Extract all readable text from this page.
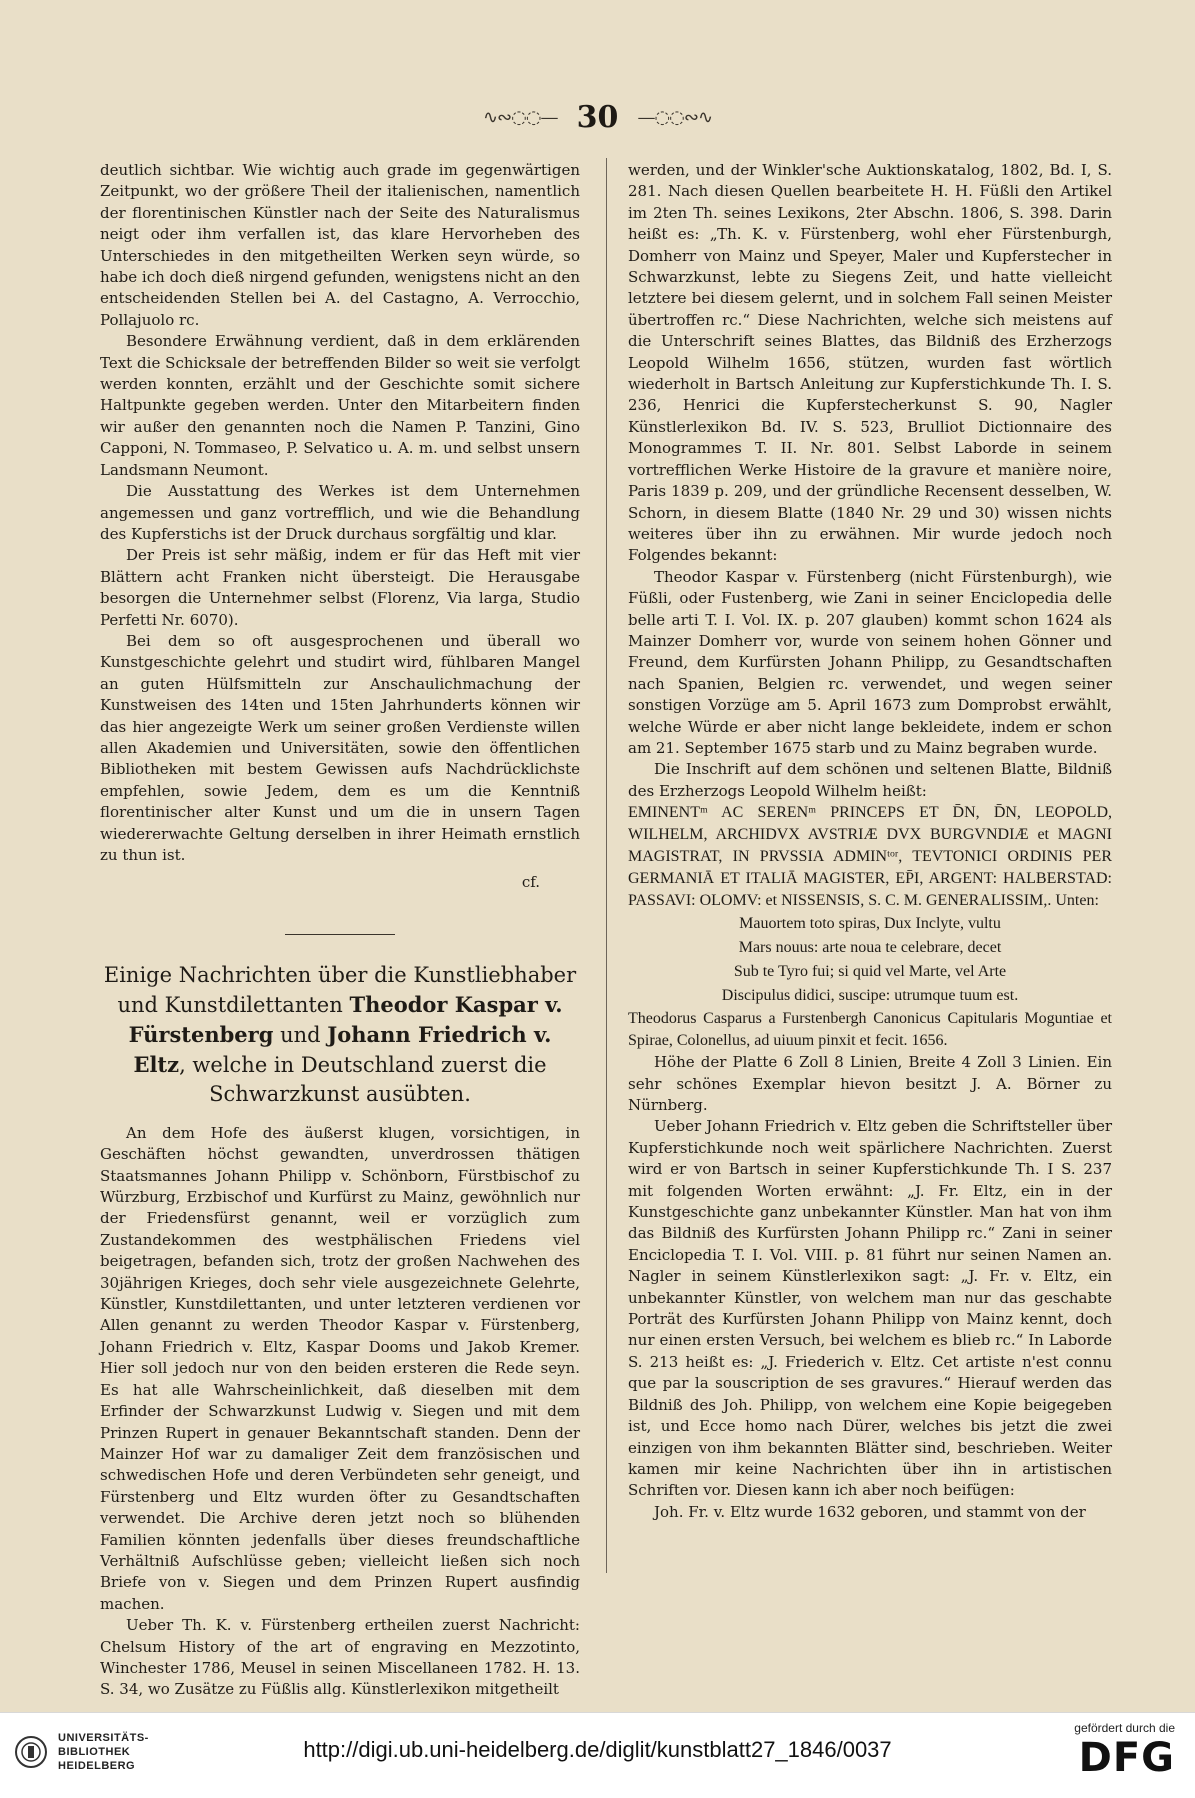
∿∾◌◌— 30 —◌◌∾∿

deutlich sichtbar. Wie wichtig auch grade im gegenwärtigen Zeitpunkt, wo der größere Theil der italienischen, namentlich der florentinischen Künstler nach der Seite des Naturalismus neigt oder ihm verfallen ist, das klare Hervorheben des Unterschiedes in den mitgetheilten Werken seyn würde, so habe ich doch dieß nirgend gefunden, wenigstens nicht an den entscheidenden Stellen bei A. del Castagno, A. Verrocchio, Pollajuolo rc.

Besondere Erwähnung verdient, daß in dem erklärenden Text die Schicksale der betreffenden Bilder so weit sie verfolgt werden konnten, erzählt und der Geschichte somit sichere Haltpunkte gegeben werden. Unter den Mitarbeitern finden wir außer den genannten noch die Namen P. Tanzini, Gino Capponi, N. Tommaseo, P. Selvatico u. A. m. und selbst unsern Landsmann Neumont.

Die Ausstattung des Werkes ist dem Unternehmen angemessen und ganz vortrefflich, und wie die Behandlung des Kupferstichs ist der Druck durchaus sorgfältig und klar.

Der Preis ist sehr mäßig, indem er für das Heft mit vier Blättern acht Franken nicht übersteigt. Die Herausgabe besorgen die Unternehmer selbst (Florenz, Via larga, Studio Perfetti Nr. 6070).

Bei dem so oft ausgesprochenen und überall wo Kunstgeschichte gelehrt und studirt wird, fühlbaren Mangel an guten Hülfsmitteln zur Anschaulichmachung der Kunstweisen des 14ten und 15ten Jahrhunderts können wir das hier angezeigte Werk um seiner großen Verdienste willen allen Akademien und Universitäten, sowie den öffentlichen Bibliotheken mit bestem Gewissen aufs Nachdrücklichste empfehlen, sowie Jedem, dem es um die Kenntniß florentinischer alter Kunst und um die in unsern Tagen wiedererwachte Geltung derselben in ihrer Heimath ernstlich zu thun ist.

cf.
Einige Nachrichten über die Kunstliebhaber und Kunstdilettanten Theodor Kaspar v. Fürstenberg und Johann Friedrich v. Eltz, welche in Deutschland zuerst die Schwarzkunst ausübten.

An dem Hofe des äußerst klugen, vorsichtigen, in Geschäften höchst gewandten, unverdrossen thätigen Staatsmannes Johann Philipp v. Schönborn, Fürstbischof zu Würzburg, Erzbischof und Kurfürst zu Mainz, gewöhnlich nur der Friedensfürst genannt, weil er vorzüglich zum Zustandekommen des westphälischen Friedens viel beigetragen, befanden sich, trotz der großen Nachwehen des 30jährigen Krieges, doch sehr viele ausgezeichnete Gelehrte, Künstler, Kunstdilettanten, und unter letzteren verdienen vor Allen genannt zu werden Theodor Kaspar v. Fürstenberg, Johann Friedrich v. Eltz, Kaspar Dooms und Jakob Kremer. Hier soll jedoch nur von den beiden ersteren die Rede seyn. Es hat alle Wahrscheinlichkeit, daß dieselben mit dem Erfinder der Schwarzkunst Ludwig v. Siegen und mit dem Prinzen Rupert in genauer Bekanntschaft standen. Denn der Mainzer Hof war zu damaliger Zeit dem französischen und schwedischen Hofe und deren Verbündeten sehr geneigt, und Fürstenberg und Eltz wurden öfter zu Gesandtschaften verwendet. Die Archive deren jetzt noch so blühenden Familien könnten jedenfalls über dieses freundschaftliche Verhältniß Aufschlüsse geben; vielleicht ließen sich noch Briefe von v. Siegen und dem Prinzen Rupert ausfindig machen.

Ueber Th. K. v. Fürstenberg ertheilen zuerst Nachricht: Chelsum History of the art of engraving en Mezzotinto, Winchester 1786, Meusel in seinen Miscellaneen 1782. H. 13. S. 34, wo Zusätze zu Füßlis allg. Künstlerlexikon mitgetheilt

werden, und der Winkler'sche Auktionskatalog, 1802, Bd. I, S. 281. Nach diesen Quellen bearbeitete H. H. Füßli den Artikel im 2ten Th. seines Lexikons, 2ter Abschn. 1806, S. 398. Darin heißt es: „Th. K. v. Fürstenberg, wohl eher Fürstenburgh, Domherr von Mainz und Speyer, Maler und Kupferstecher in Schwarzkunst, lebte zu Siegens Zeit, und hatte vielleicht letztere bei diesem gelernt, und in solchem Fall seinen Meister übertroffen rc.“ Diese Nachrichten, welche sich meistens auf die Unterschrift seines Blattes, das Bildniß des Erzherzogs Leopold Wilhelm 1656, stützen, wurden fast wörtlich wiederholt in Bartsch Anleitung zur Kupferstichkunde Th. I. S. 236, Henrici die Kupferstecherkunst S. 90, Nagler Künstlerlexikon Bd. IV. S. 523, Brulliot Dictionnaire des Monogrammes T. II. Nr. 801. Selbst Laborde in seinem vortrefflichen Werke Histoire de la gravure et manière noire, Paris 1839 p. 209, und der gründliche Recensent desselben, W. Schorn, in diesem Blatte (1840 Nr. 29 und 30) wissen nichts weiteres über ihn zu erwähnen. Mir wurde jedoch noch Folgendes bekannt:

Theodor Kaspar v. Fürstenberg (nicht Fürstenburgh), wie Füßli, oder Fustenberg, wie Zani in seiner Enciclopedia delle belle arti T. I. Vol. IX. p. 207 glauben) kommt schon 1624 als Mainzer Domherr vor, wurde von seinem hohen Gönner und Freund, dem Kurfürsten Johann Philipp, zu Gesandtschaften nach Spanien, Belgien rc. verwendet, und wegen seiner sonstigen Vorzüge am 5. April 1673 zum Domprobst erwählt, welche Würde er aber nicht lange bekleidete, indem er schon am 21. September 1675 starb und zu Mainz begraben wurde.

Die Inschrift auf dem schönen und seltenen Blatte, Bildniß des Erzherzogs Leopold Wilhelm heißt:

EMINENTᵐ AC SERENᵐ PRINCEPS ET D̄N, D̄N, LEOPOLD, WILHELM, ARCHIDVX AVSTRIÆ DVX BURGVNDIÆ et MAGNI MAGISTRAT, IN PRVSSIA ADMINᵗᵒʳ, TEVTONICI ORDINIS PER GERMANIĀ ET ITALIĀ MAGISTER, EP̄I, ARGENT: HALBERSTAD: PASSAVI: OLOMV: et NISSENSIS, S. C. M. GENERALISSIM,. Unten:

Mauortem toto spiras, Dux Inclyte, vultu

Mars nouus: arte noua te celebrare, decet

Sub te Tyro fui; si quid vel Marte, vel Arte

Discipulus didici, suscipe: utrumque tuum est.

Theodorus Casparus a Furstenbergh Canonicus Capitularis Moguntiae et Spirae, Colonellus, ad uiuum pinxit et fecit. 1656.

Höhe der Platte 6 Zoll 8 Linien, Breite 4 Zoll 3 Linien. Ein sehr schönes Exemplar hievon besitzt J. A. Börner zu Nürnberg.

Ueber Johann Friedrich v. Eltz geben die Schriftsteller über Kupferstichkunde noch weit spärlichere Nachrichten. Zuerst wird er von Bartsch in seiner Kupferstichkunde Th. I S. 237 mit folgenden Worten erwähnt: „J. Fr. Eltz, ein in der Kunstgeschichte ganz unbekannter Künstler. Man hat von ihm das Bildniß des Kurfürsten Johann Philipp rc.“ Zani in seiner Enciclopedia T. I. Vol. VIII. p. 81 führt nur seinen Namen an. Nagler in seinem Künstlerlexikon sagt: „J. Fr. v. Eltz, ein unbekannter Künstler, von welchem man nur das geschabte Porträt des Kurfürsten Johann Philipp von Mainz kennt, doch nur einen ersten Versuch, bei welchem es blieb rc.“ In Laborde S. 213 heißt es: „J. Friederich v. Eltz. Cet artiste n'est connu que par la souscription de ses gravures.“ Hierauf werden das Bildniß des Joh. Philipp, von welchem eine Kopie beigegeben ist, und Ecce homo nach Dürer, welches bis jetzt die zwei einzigen von ihm bekannten Blätter sind, beschrieben. Weiter kamen mir keine Nachrichten über ihn in artistischen Schriften vor. Diesen kann ich aber noch beifügen:

Joh. Fr. v. Eltz wurde 1632 geboren, und stammt von der

UNIVERSITÄTS-
BIBLIOTHEK
HEIDELBERG
http://digi.ub.uni-heidelberg.de/diglit/kunstblatt27_1846/0037
gefördert durch die
DFG
